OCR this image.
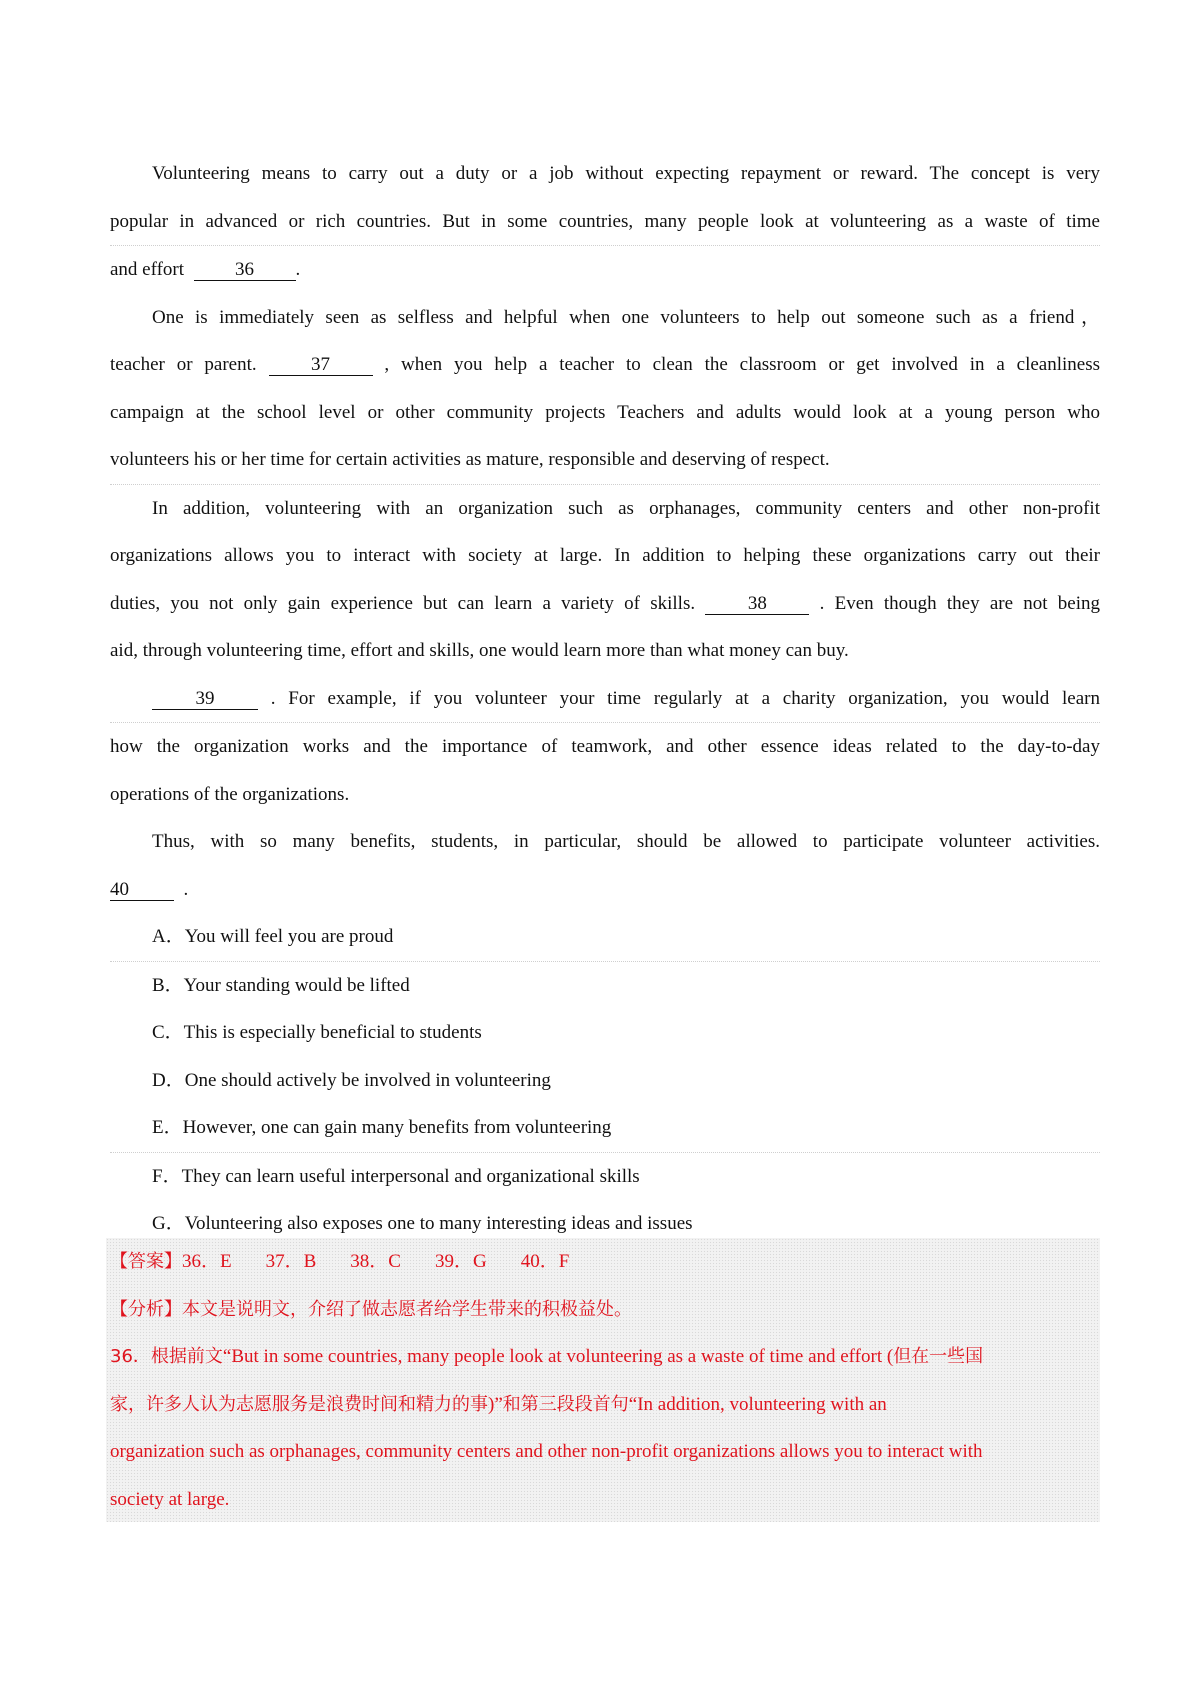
Volunteering means to carry out a duty or a job without expecting repayment or reward. The concept is very
popular in advanced or rich countries. But in some countries, many people look at volunteering as a waste of time
and effort	36 .
One is immediately seen as selfless and helpful when one volunteers to help out someone such as a friend，
teacher or parent.	37	, when you help a teacher to clean the classroom or get involved in a cleanliness
campaign at the school level or other community projects Teachers and adults would look at a young person who
volunteers his or her time for certain activities as mature, responsible and deserving of respect.
In addition, volunteering with an organization such as orphanages, community centers and other non-profit
organizations allows you to interact with society at large. In addition to helping these organizations carry out their
duties, you not only gain experience but can learn a variety of skills.	38	. Even though they are not being
aid, through volunteering time, effort and skills, one would learn more than what money can buy.
39	. For example, if you volunteer your time regularly at a charity organization, you would learn
how the organization works and the importance of teamwork, and other essence ideas related to the day-to-day
operations of the organizations.
Thus, with so many benefits, students, in particular, should be allowed to participate volunteer activities.
40	.
A．You will feel you are proud
B．Your standing would be lifted
C．This is especially beneficial to students
D．One should actively be involved in volunteering
E．However, one can gain many benefits from volunteering
F．They can learn useful interpersonal and organizational skills
G．Volunteering also exposes one to many interesting ideas and issues
【答案】36．E 37．B 38．C 39．G 40．F
【分析】本文是说明文，介绍了做志愿者给学生带来的积极益处。
36．根据前文“But in some countries, many people look at volunteering as a waste of time and effort (但在一些国
家，许多人认为志愿服务是浪费时间和精力的事)”和第三段段首句“In addition, volunteering with an
organization such as orphanages, community centers and other non-profit organizations allows you to interact with
society at large.
